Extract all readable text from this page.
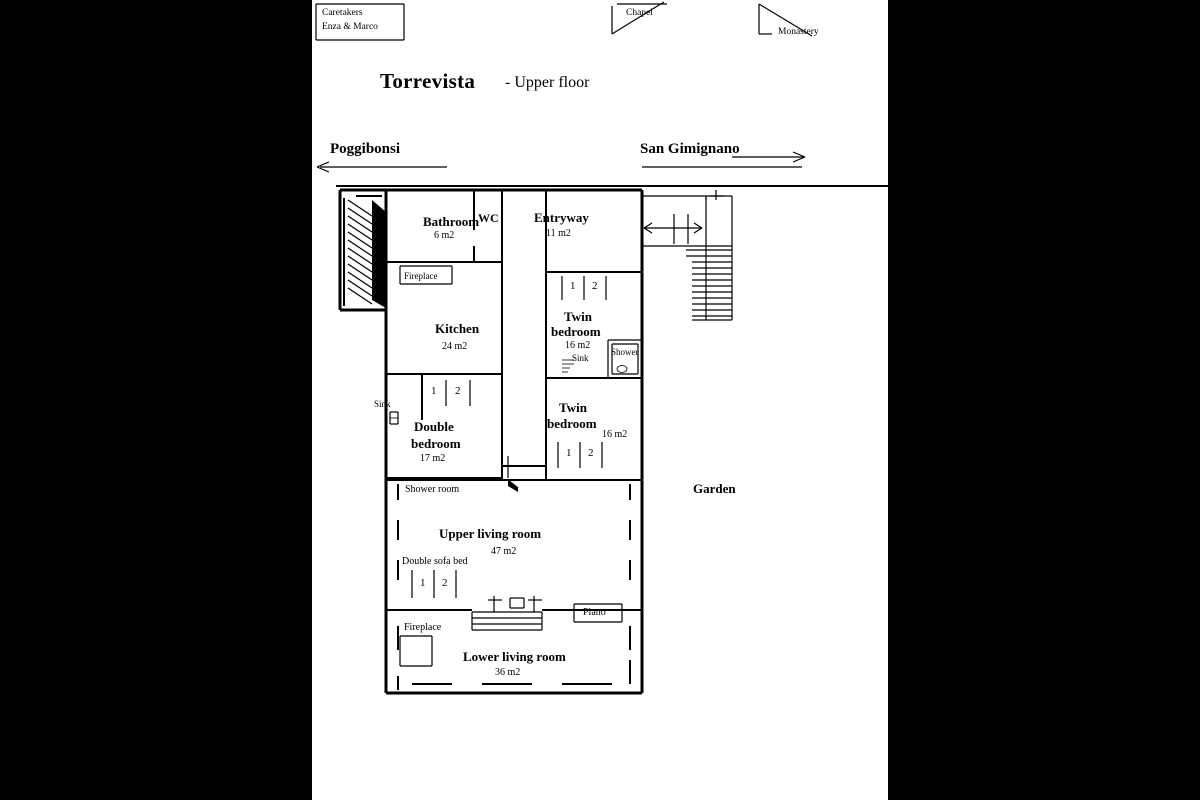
Caretakers
Enza & Marco
Chapel
Monastery
Torrevista - Upper floor
Poggibonsi	San Gimignano
Bathroom
6 m2
WC	Entryway
11 m2
Fireplace
Kitchen
24 m2
Twin
bedroom
16 m2
Sink
Shower
Sink
Double
bedroom
17 m2
Twin
bedroom
16 m2
Shower room	Garden
Upper living room
47 m2
Double sofa bed
Piano
Fireplace
Lower living room
36 m2
1 2
1 2
1 2
1 2
